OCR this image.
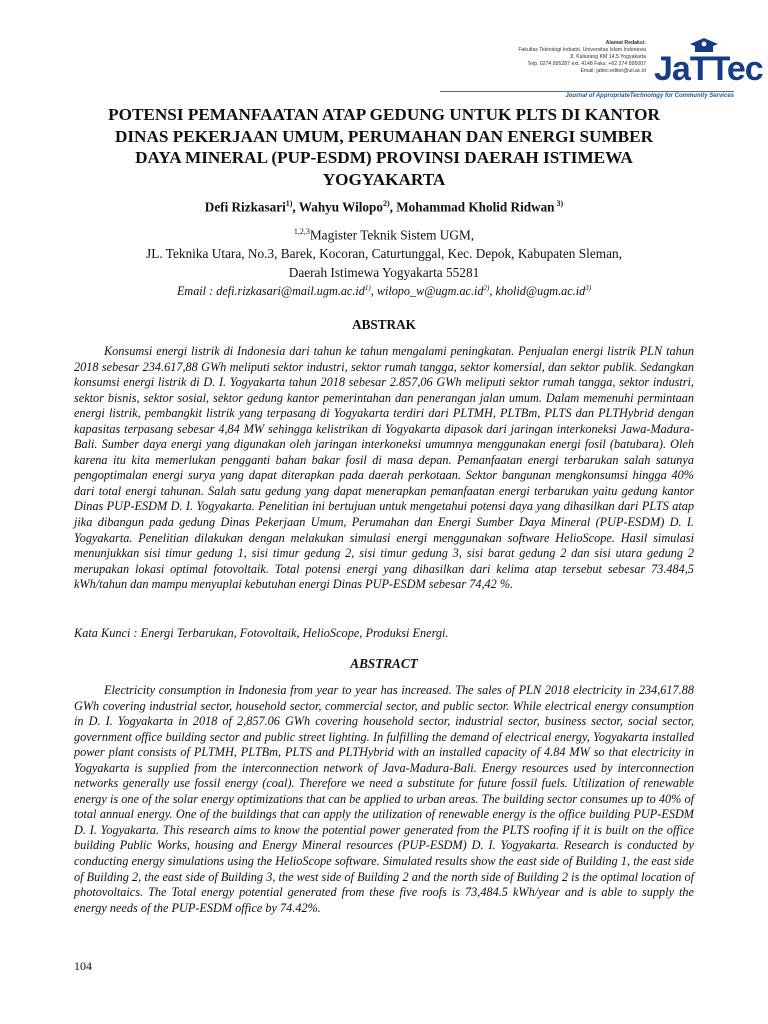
Alamat Redaksi:
Fakultas Teknologi Industri, Universitas Islam Indonesia
Jl. Kaliurang KM 14,5 Yogyakarta
Telp. 0274 895287 ext. 4148 Faks: +62 274 895007
Email: jattec.editor@uii.ac.id JaTTec
Journal of AppropriateTechnology for Community Services
POTENSI PEMANFAATAN ATAP GEDUNG UNTUK PLTS DI KANTOR
DINAS PEKERJAAN UMUM, PERUMAHAN DAN ENERGI SUMBER
DAYA MINERAL (PUP-ESDM) PROVINSI DAERAH ISTIMEWA
YOGYAKARTA
Defi Rizkasari$^{1)}$, Wahyu Wilopo$^{2)}$, Mohammad Kholid Ridwan $^{3)}$
$^{1,2,3}$Magister Teknik Sistem UGM,
JL. Teknika Utara, No.3, Barek, Kocoran, Caturtunggal, Kec. Depok, Kabupaten Sleman,
Daerah Istimewa Yogyakarta 55281
Email : $defi.rizkasari@mail.ugm.ac.id^{1)}$, $wilopo\_w@ugm.ac.id^{2)}$, $kholid@ugm.ac.id^{3)}$
ABSTRAK

Konsumsi energi listrik di Indonesia dari tahun ke tahun mengalami peningkatan. Penjualan energi listrik PLN tahun 2018 sebesar 234.617,88 GWh meliputi sektor industri, sektor rumah tangga, sektor komersial, dan sektor publik. Sedangkan konsumsi energi listrik di D. I. Yogyakarta tahun 2018 sebesar 2.857,06 GWh meliputi sektor rumah tangga, sektor industri, sektor bisnis, sektor sosial, sektor gedung kantor pemerintahan dan penerangan jalan umum. Dalam memenuhi permintaan energi listrik, pembangkit listrik yang terpasang di Yogyakarta terdiri dari PLTMH, PLTBm, PLTS dan PLTHybrid dengan kapasitas terpasang sebesar 4,84 MW sehingga kelistrikan di Yogyakarta dipasok dari jaringan interkoneksi Jawa-Madura-Bali. Sumber daya energi yang digunakan oleh jaringan interkoneksi umumnya menggunakan energi fosil (batubara). Oleh karena itu kita memerlukan pengganti bahan bakar fosil di masa depan. Pemanfaatan energi terbarukan salah satunya pengoptimalan energi surya yang dapat diterapkan pada daerah perkotaan. Sektor bangunan mengkonsumsi hingga 40% dari total energi tahunan. Salah satu gedung yang dapat menerapkan pemanfaatan energi terbarukan yaitu gedung kantor Dinas PUP-ESDM D. I. Yogyakarta. Penelitian ini bertujuan untuk mengetahui potensi daya yang dihasilkan dari PLTS atap jika dibangun pada gedung Dinas Pekerjaan Umum, Perumahan dan Energi Sumber Daya Mineral (PUP-ESDM) D. I. Yogyakarta. Penelitian dilakukan dengan melakukan simulasi energi menggunakan software HelioScope. Hasil simulasi menunjukkan sisi timur gedung 1, sisi timur gedung 2, sisi timur gedung 3, sisi barat gedung 2 dan sisi utara gedung 2 merupakan lokasi optimal fotovoltaik. Total potensi energi yang dihasilkan dari kelima atap tersebut sebesar 73.484,5 kWh/tahun dan mampu menyuplai kebutuhan energi Dinas PUP-ESDM sebesar 74,42 %.

Kata Kunci : Energi Terbarukan, Fotovoltaik, HelioScope, Produksi Energi.
ABSTRACT

Electricity consumption in Indonesia from year to year has increased. The sales of PLN 2018 electricity in 234,617.88 GWh covering industrial sector, household sector, commercial sector, and public sector. While electrical energy consumption in D. I. Yogyakarta in 2018 of 2,857.06 GWh covering household sector, industrial sector, business sector, social sector, government office building sector and public street lighting. In fulfilling the demand of electrical energy, Yogyakarta installed power plant consists of PLTMH, PLTBm, PLTS and PLTHybrid with an installed capacity of 4.84 MW so that electricity in Yogyakarta is supplied from the interconnection network of Java-Madura-Bali. Energy resources used by interconnection networks generally use fossil energy (coal). Therefore we need a substitute for future fossil fuels. Utilization of renewable energy is one of the solar energy optimizations that can be applied to urban areas. The building sector consumes up to 40% of total annual energy. One of the buildings that can apply the utilization of renewable energy is the office building PUP-ESDM D. I. Yogyakarta. This research aims to know the potential power generated from the PLTS roofing if it is built on the office building Public Works, housing and Energy Mineral resources (PUP-ESDM) D. I. Yogyakarta. Research is conducted by conducting energy simulations using the HelioScope software. Simulated results show the east side of Building 1, the east side of Building 2, the east side of Building 3, the west side of Building 2 and the north side of Building 2 is the optimal location of photovoltaics. The Total energy potential generated from these five roofs is 73,484.5 kWh/year and is able to supply the energy needs of the PUP-ESDM office by 74.42%.

104
